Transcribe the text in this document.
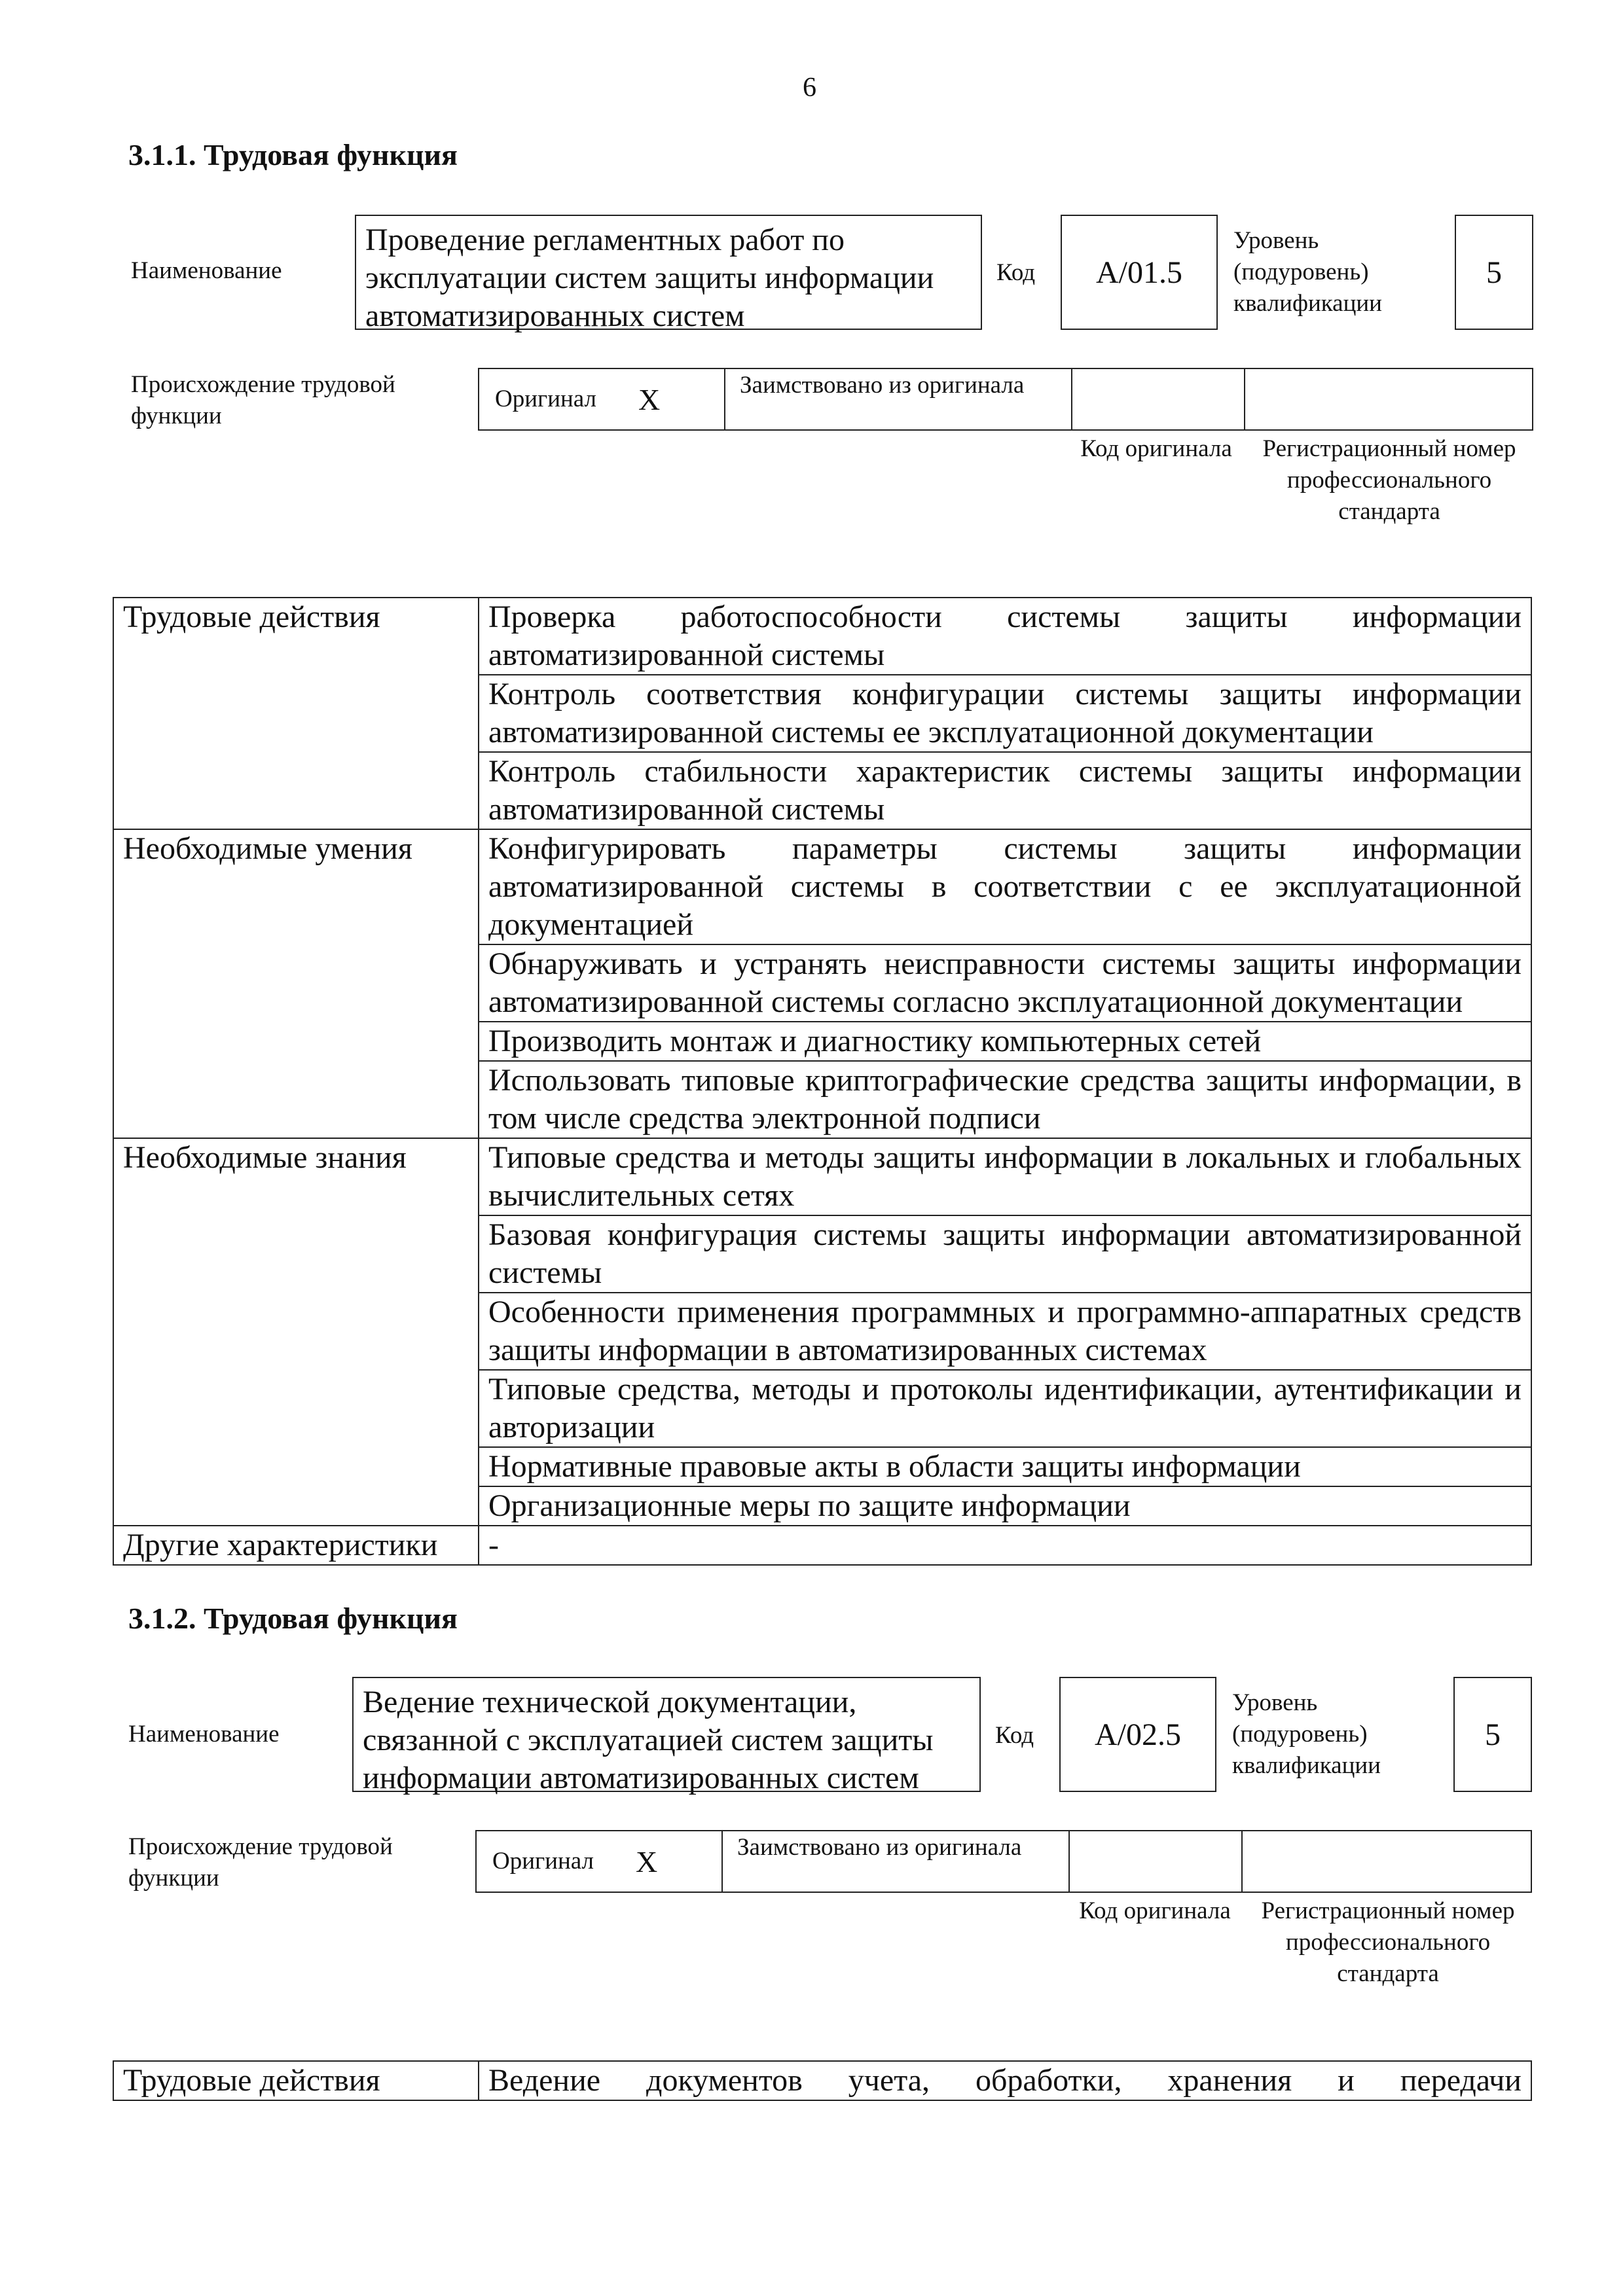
6
3.1.1. Трудовая функция
Наименование
Проведение регламентных работ по эксплуатации систем защиты информации автоматизированных систем
Код A/01.5
Уровень (подуровень) квалификации
5
Происхождение трудовой функции
Оригинал X	Заимствовано из оригинала
Код оригинала	Регистрационный номер профессионального стандарта
Трудовые действия	Проверка работоспособности системы защиты информации автоматизированной системы
	Контроль соответствия конфигурации системы защиты информации автоматизированной системы ее эксплуатационной документации
	Контроль стабильности характеристик системы защиты информации автоматизированной системы
Необходимые умения	Конфигурировать параметры системы защиты информации автоматизированной системы в соответствии с ее эксплуатационной документацией
	Обнаруживать и устранять неисправности системы защиты информации автоматизированной системы согласно эксплуатационной документации
	Производить монтаж и диагностику компьютерных сетей
	Использовать типовые криптографические средства защиты информации, в том числе средства электронной подписи
Необходимые знания	Типовые средства и методы защиты информации в локальных и глобальных вычислительных сетях
	Базовая конфигурация системы защиты информации автоматизированной системы
	Особенности применения программных и программно-аппаратных средств защиты информации в автоматизированных системах
	Типовые средства, методы и протоколы идентификации, аутентификации и авторизации
	Нормативные правовые акты в области защиты информации
	Организационные меры по защите информации
Другие характеристики	-
3.1.2. Трудовая функция
Наименование
Ведение технической документации, связанной с эксплуатацией систем защиты информации автоматизированных систем
Код A/02.5
Уровень (подуровень) квалификации
5
Происхождение трудовой функции
Оригинал X	Заимствовано из оригинала
Код оригинала	Регистрационный номер профессионального стандарта
Трудовые действия	Ведение документов учета, обработки, хранения и передачи
